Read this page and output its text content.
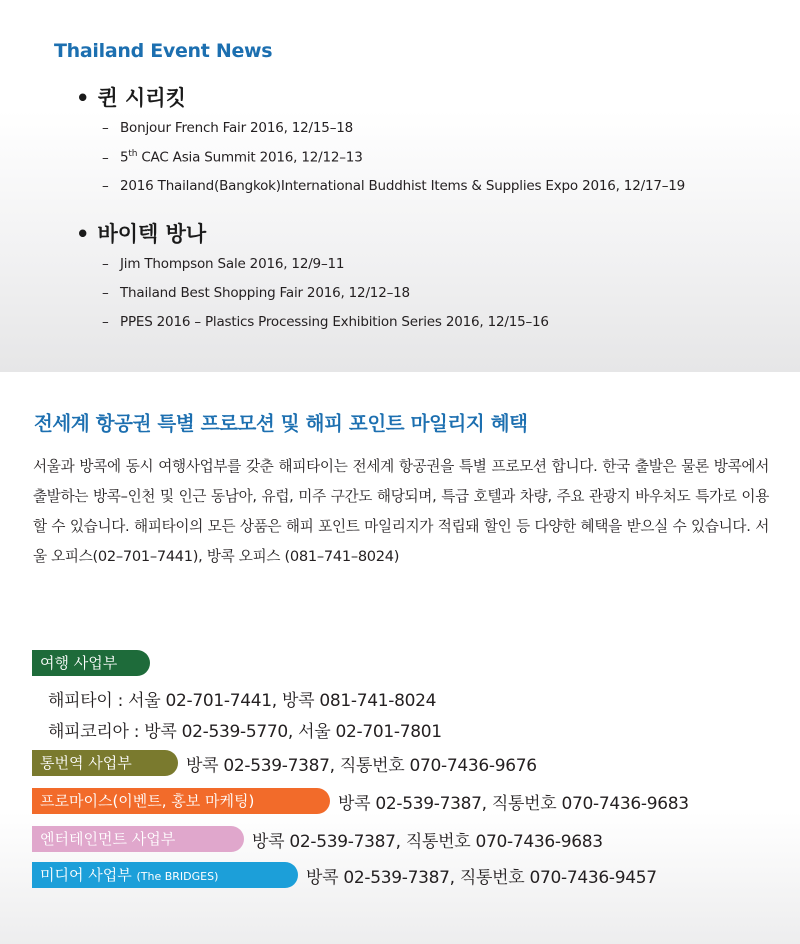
Thailand Event News
• 퀸 시리킷
– Bonjour French Fair 2016, 12/15–18
– 5th CAC Asia Summit 2016, 12/12–13
– 2016 Thailand(Bangkok)International Buddhist Items & Supplies Expo 2016, 12/17–19
• 바이텍 방나
– Jim Thompson Sale 2016, 12/9–11
– Thailand Best Shopping Fair 2016, 12/12–18
– PPES 2016 – Plastics Processing Exhibition Series 2016, 12/15–16
전세계 항공권 특별 프로모션 및 해피 포인트 마일리지 혜택
서울과 방콕에 동시 여행사업부를 갖춘 해피타이는 전세계 항공권을 특별 프로모션 합니다. 한국 출발은 물론 방콕에서 출발하는 방콕–인천 및 인근 동남아, 유럽, 미주 구간도 해당되며, 특급 호텔과 차량, 주요 관광지 바우처도 특가로 이용할 수 있습니다. 해피타이의 모든 상품은 해피 포인트 마일리지가 적립돼 할인 등 다양한 혜택을 받으실 수 있습니다. 서울 오피스(02–701–7441), 방콕 오피스 (081–741–8024)
여행 사업부
해피타이 : 서울 02-701-7441, 방콕 081-741-8024
해피코리아 : 방콕 02-539-5770, 서울 02-701-7801
통번역 사업부	방콕 02-539-7387, 직통번호 070-7436-9676
프로마이스(이벤트, 홍보 마케팅)	방콕 02-539-7387, 직통번호 070-7436-9683
엔터테인먼트 사업부	방콕 02-539-7387, 직통번호 070-7436-9683
미디어 사업부 (The BRIDGES)	방콕 02-539-7387, 직통번호 070-7436-9457
